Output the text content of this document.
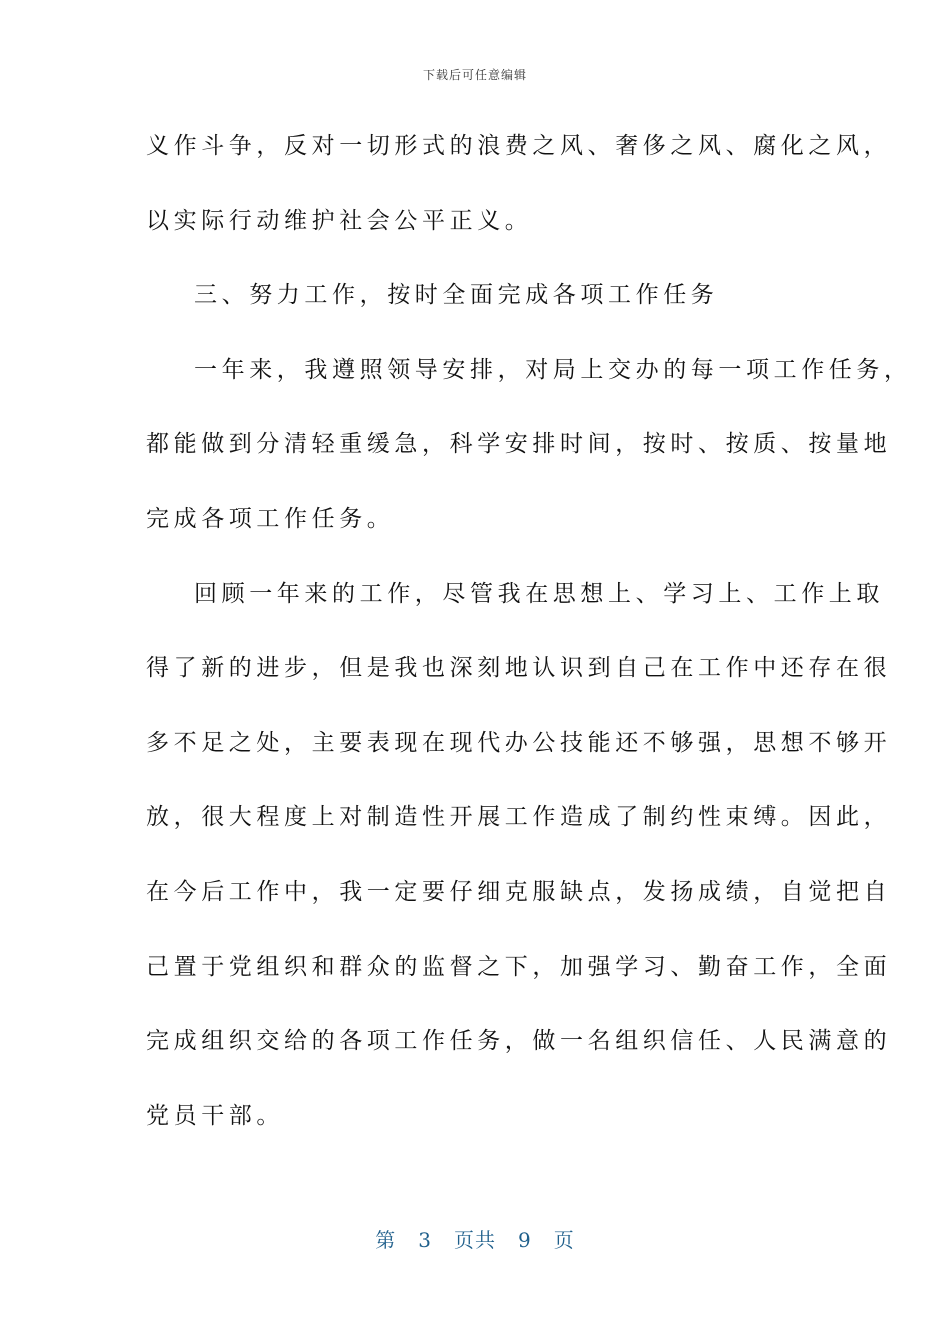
下载后可任意编辑
义作斗争，反对一切形式的浪费之风、奢侈之风、腐化之风，
以实际行动维护社会公平正义。
三、努力工作，按时全面完成各项工作任务
一年来，我遵照领导安排，对局上交办的每一项工作任务，
都能做到分清轻重缓急，科学安排时间，按时、按质、按量地
完成各项工作任务。
回顾一年来的工作，尽管我在思想上、学习上、工作上取
得了新的进步，但是我也深刻地认识到自己在工作中还存在很
多不足之处，主要表现在现代办公技能还不够强，思想不够开
放，很大程度上对制造性开展工作造成了制约性束缚。因此，
在今后工作中，我一定要仔细克服缺点，发扬成绩，自觉把自
己置于党组织和群众的监督之下，加强学习、勤奋工作，全面
完成组织交给的各项工作任务，做一名组织信任、人民满意的
党员干部。
第 3 页共 9 页
